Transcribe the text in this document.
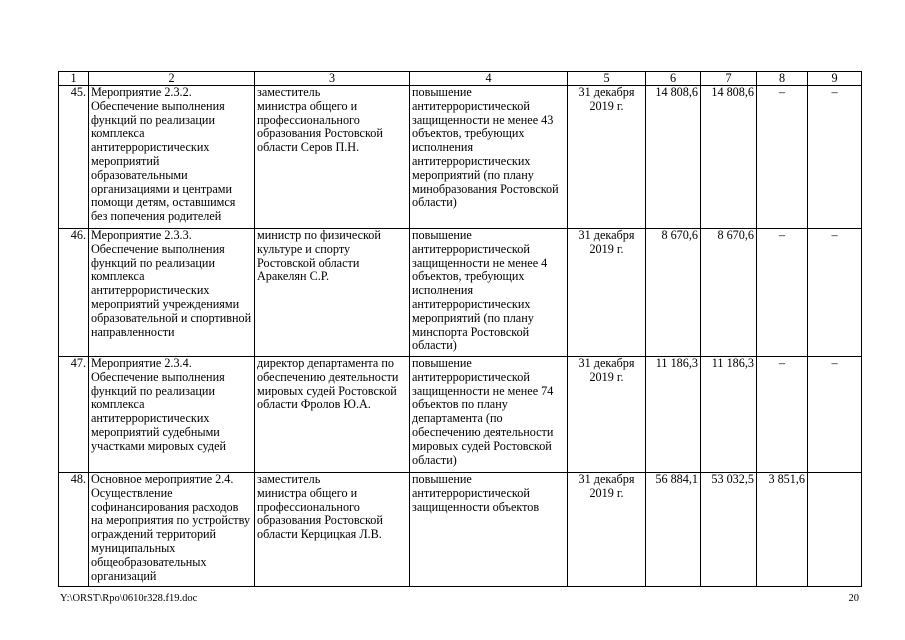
1	2	3	4	5	6	7	8	9
45.	Мероприятие 2.3.2.
Обеспечение выполнения функций по реализации комплекса антитеррористических мероприятий образовательными организациями и центрами помощи детям, оставшимся без попечения родителей	заместитель
министра общего и профессионального образования Ростовской области Серов П.Н.	повышение антитеррористической защищенности не менее 43 объектов, требующих исполнения антитеррористических мероприятий (по плану минобразования Ростовской области)	31 декабря
2019 г.	14 808,6	14 808,6	–	–
46.	Мероприятие 2.3.3.
Обеспечение выполнения функций по реализации комплекса антитеррористических мероприятий учреждениями образовательной и спортивной направленности	министр по физической культуре и спорту Ростовской области Аракелян С.Р.	повышение антитеррористической защищенности не менее 4 объектов, требующих исполнения антитеррористических мероприятий (по плану минспорта Ростовской области)	31 декабря
2019 г.	8 670,6	8 670,6	–	–
47.	Мероприятие 2.3.4.
Обеспечение выполнения функций по реализации комплекса антитеррористических мероприятий судебными участками мировых судей	директор департамента по обеспечению деятельности мировых судей Ростовской области Фролов Ю.А.	повышение антитеррористической защищенности не менее 74 объектов по плану департамента (по обеспечению деятельности мировых судей Ростовской области)	31 декабря
2019 г.	11 186,3	11 186,3	–	–
48.	Основное мероприятие 2.4.
Осуществление софинансирования расходов на мероприятия по устройству ограждений территорий муниципальных общеобразовательных организаций	заместитель
министра общего и профессионального образования Ростовской области Керцицкая Л.В.	повышение антитеррористической защищенности объектов	31 декабря
2019 г.	56 884,1	53 032,5	3 851,6	
Y:\ORST\Rpo\0610r328.f19.doc	20
